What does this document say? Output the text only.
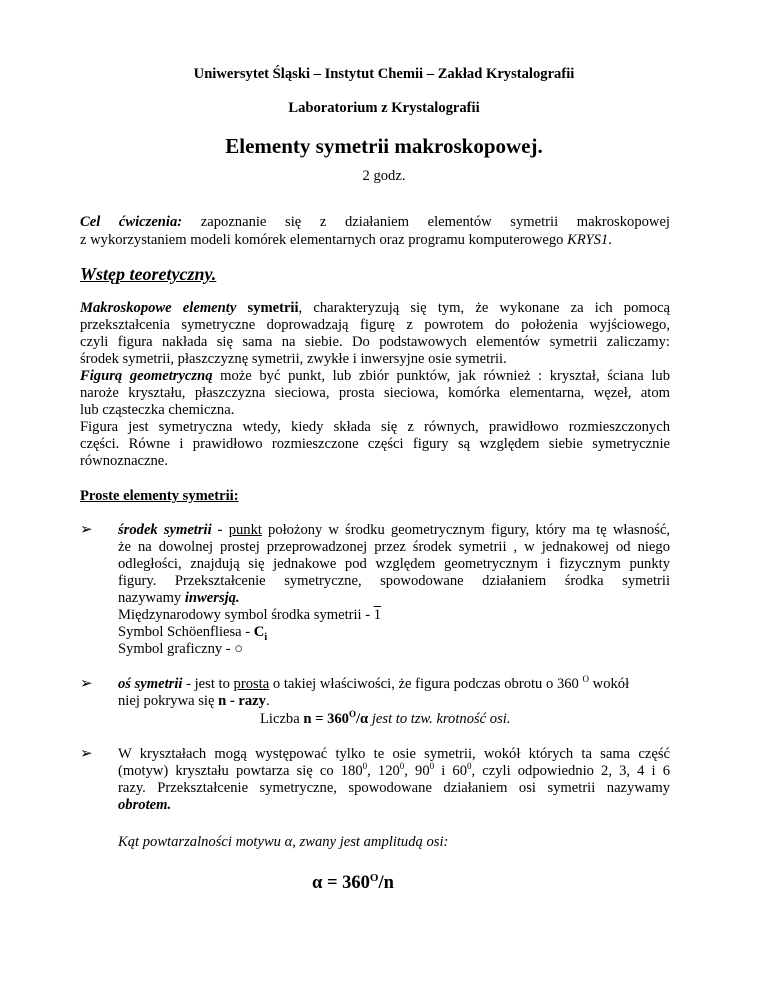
Uniwersytet Śląski – Instytut Chemii – Zakład Krystalografii
Laboratorium z Krystalografii
Elementy symetrii makroskopowej.
2 godz.
Cel ćwiczenia: zapoznanie się z działaniem elementów symetrii makroskopowej
z wykorzystaniem modeli komórek elementarnych oraz programu komputerowego KRYS1.
Wstęp teoretyczny.
Makroskopowe elementy symetrii, charakteryzują się tym, że wykonane za ich pomocą
przekształcenia symetryczne doprowadzają figurę z powrotem do położenia wyjściowego,
czyli figura nakłada się sama na siebie. Do podstawowych elementów symetrii zaliczamy:
środek symetrii, płaszczyznę symetrii, zwykłe i inwersyjne osie symetrii.
Figurą geometryczną może być punkt, lub zbiór punktów, jak również : kryształ, ściana lub
naroże kryształu, płaszczyzna sieciowa, prosta sieciowa, komórka elementarna, węzeł, atom
lub cząsteczka chemiczna.
Figura jest symetryczna wtedy, kiedy składa się z równych, prawidłowo rozmieszczonych
części. Równe i prawidłowo rozmieszczone części figury są względem siebie symetrycznie
równoznaczne.
Proste elementy symetrii:
➢ środek symetrii - punkt położony w środku geometrycznym figury, który ma tę własność,
że na dowolnej prostej przeprowadzonej przez środek symetrii , w jednakowej od niego
odległości, znajdują się jednakowe pod względem geometrycznym i fizycznym punkty
figury. Przekształcenie symetryczne, spowodowane działaniem środka symetrii
nazywamy inwersją.
Międzynarodowy symbol środka symetrii - 1
Symbol Schöenfliesa - $C_i$
Symbol graficzny - ○
➢ oś symetrii - jest to prosta o takiej właściwości, że figura podczas obrotu o 360 $^O$ wokół
niej pokrywa się n - razy.
Liczba $n = 360^O/\alpha$ jest to tzw. krotność osi.
➢ W kryształach mogą występować tylko te osie symetrii, wokół których ta sama część
(motyw) kryształu powtarza się co $180^0$, $120^0$, $90^0$ i $60^0$, czyli odpowiednio 2, 3, 4 i 6
razy. Przekształcenie symetryczne, spowodowane działaniem osi symetrii nazywamy
obrotem.
Kąt powtarzalności motywu α, zwany jest amplitudą osi:
$\alpha = 360^O/n$
